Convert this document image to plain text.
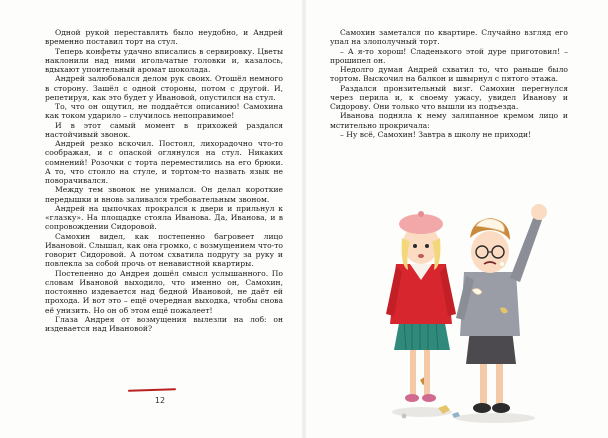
Одной рукой переставлять было неудобно, и Андрей временно поставил торт на стул.

Теперь конфеты удачно вписались в сервировку. Цветы наклонили над ними игольчатые головки и, казалось, вдыхают упоительный аромат шоколада.

Андрей залюбовался делом рук своих. Отошёл немного в сторону. Зашёл с одной стороны, потом с другой. И, репетируя, как это будет у Ивановой, опустился на стул.

То, что он ощутил, не поддаётся описанию! Самохина как током ударило – случилось непоправимое!

И в этот самый момент в прихожей раздался настойчивый звонок.

Андрей резко вскочил. Постоял, лихорадочно что-то соображая, и с опаской оглянулся на стул. Никаких сомнений! Розочки с торта переместились на его брюки. А то, что стояло на стуле, и тортом-то назвать язык не поворачивался.

Между тем звонок не унимался. Он делал короткие передышки и вновь заливался требовательным звоном.

Андрей на цыпочках прокрался к двери и прильнул к «глазку». На площадке стояла Иванова. Да, Иванова, и в сопровождении Сидоровой.

Самохин видел, как постепенно багровеет лицо Ивановой. Слышал, как она громко, с возмущением что-то говорит Сидоровой. А потом схватила подругу за руку и повлекла за собой прочь от ненавистной квартиры.

Постепенно до Андрея дошёл смысл услышанного. По словам Ивановой выходило, что именно он, Самохин, постоянно издевается над бедной Ивановой, не даёт ей прохода. И вот это – ещё очередная выходка, чтобы снова её унизить. Но он об этом ещё пожалеет!

Глаза Андрея от возмущения вылезли на лоб: он издевается над Ивановой?

12

Самохин заметался по квартире. Случайно взгляд его упал на злополучный торт.

– А я-то хорош! Сладенького этой дуре приготовил! – прошипел он.

Недолго думая Андрей схватил то, что раньше было тортом. Выскочил на балкон и швырнул с пятого этажа.

Раздался пронзительный визг. Самохин перегнулся через перила и, к своему ужасу, увидел Иванову и Сидорову. Они только что вышли из подъезда.

Иванова подняла к нему заляпанное кремом лицо и мстительно прокричала:

– Ну всё, Самохин! Завтра в школу не приходи!
